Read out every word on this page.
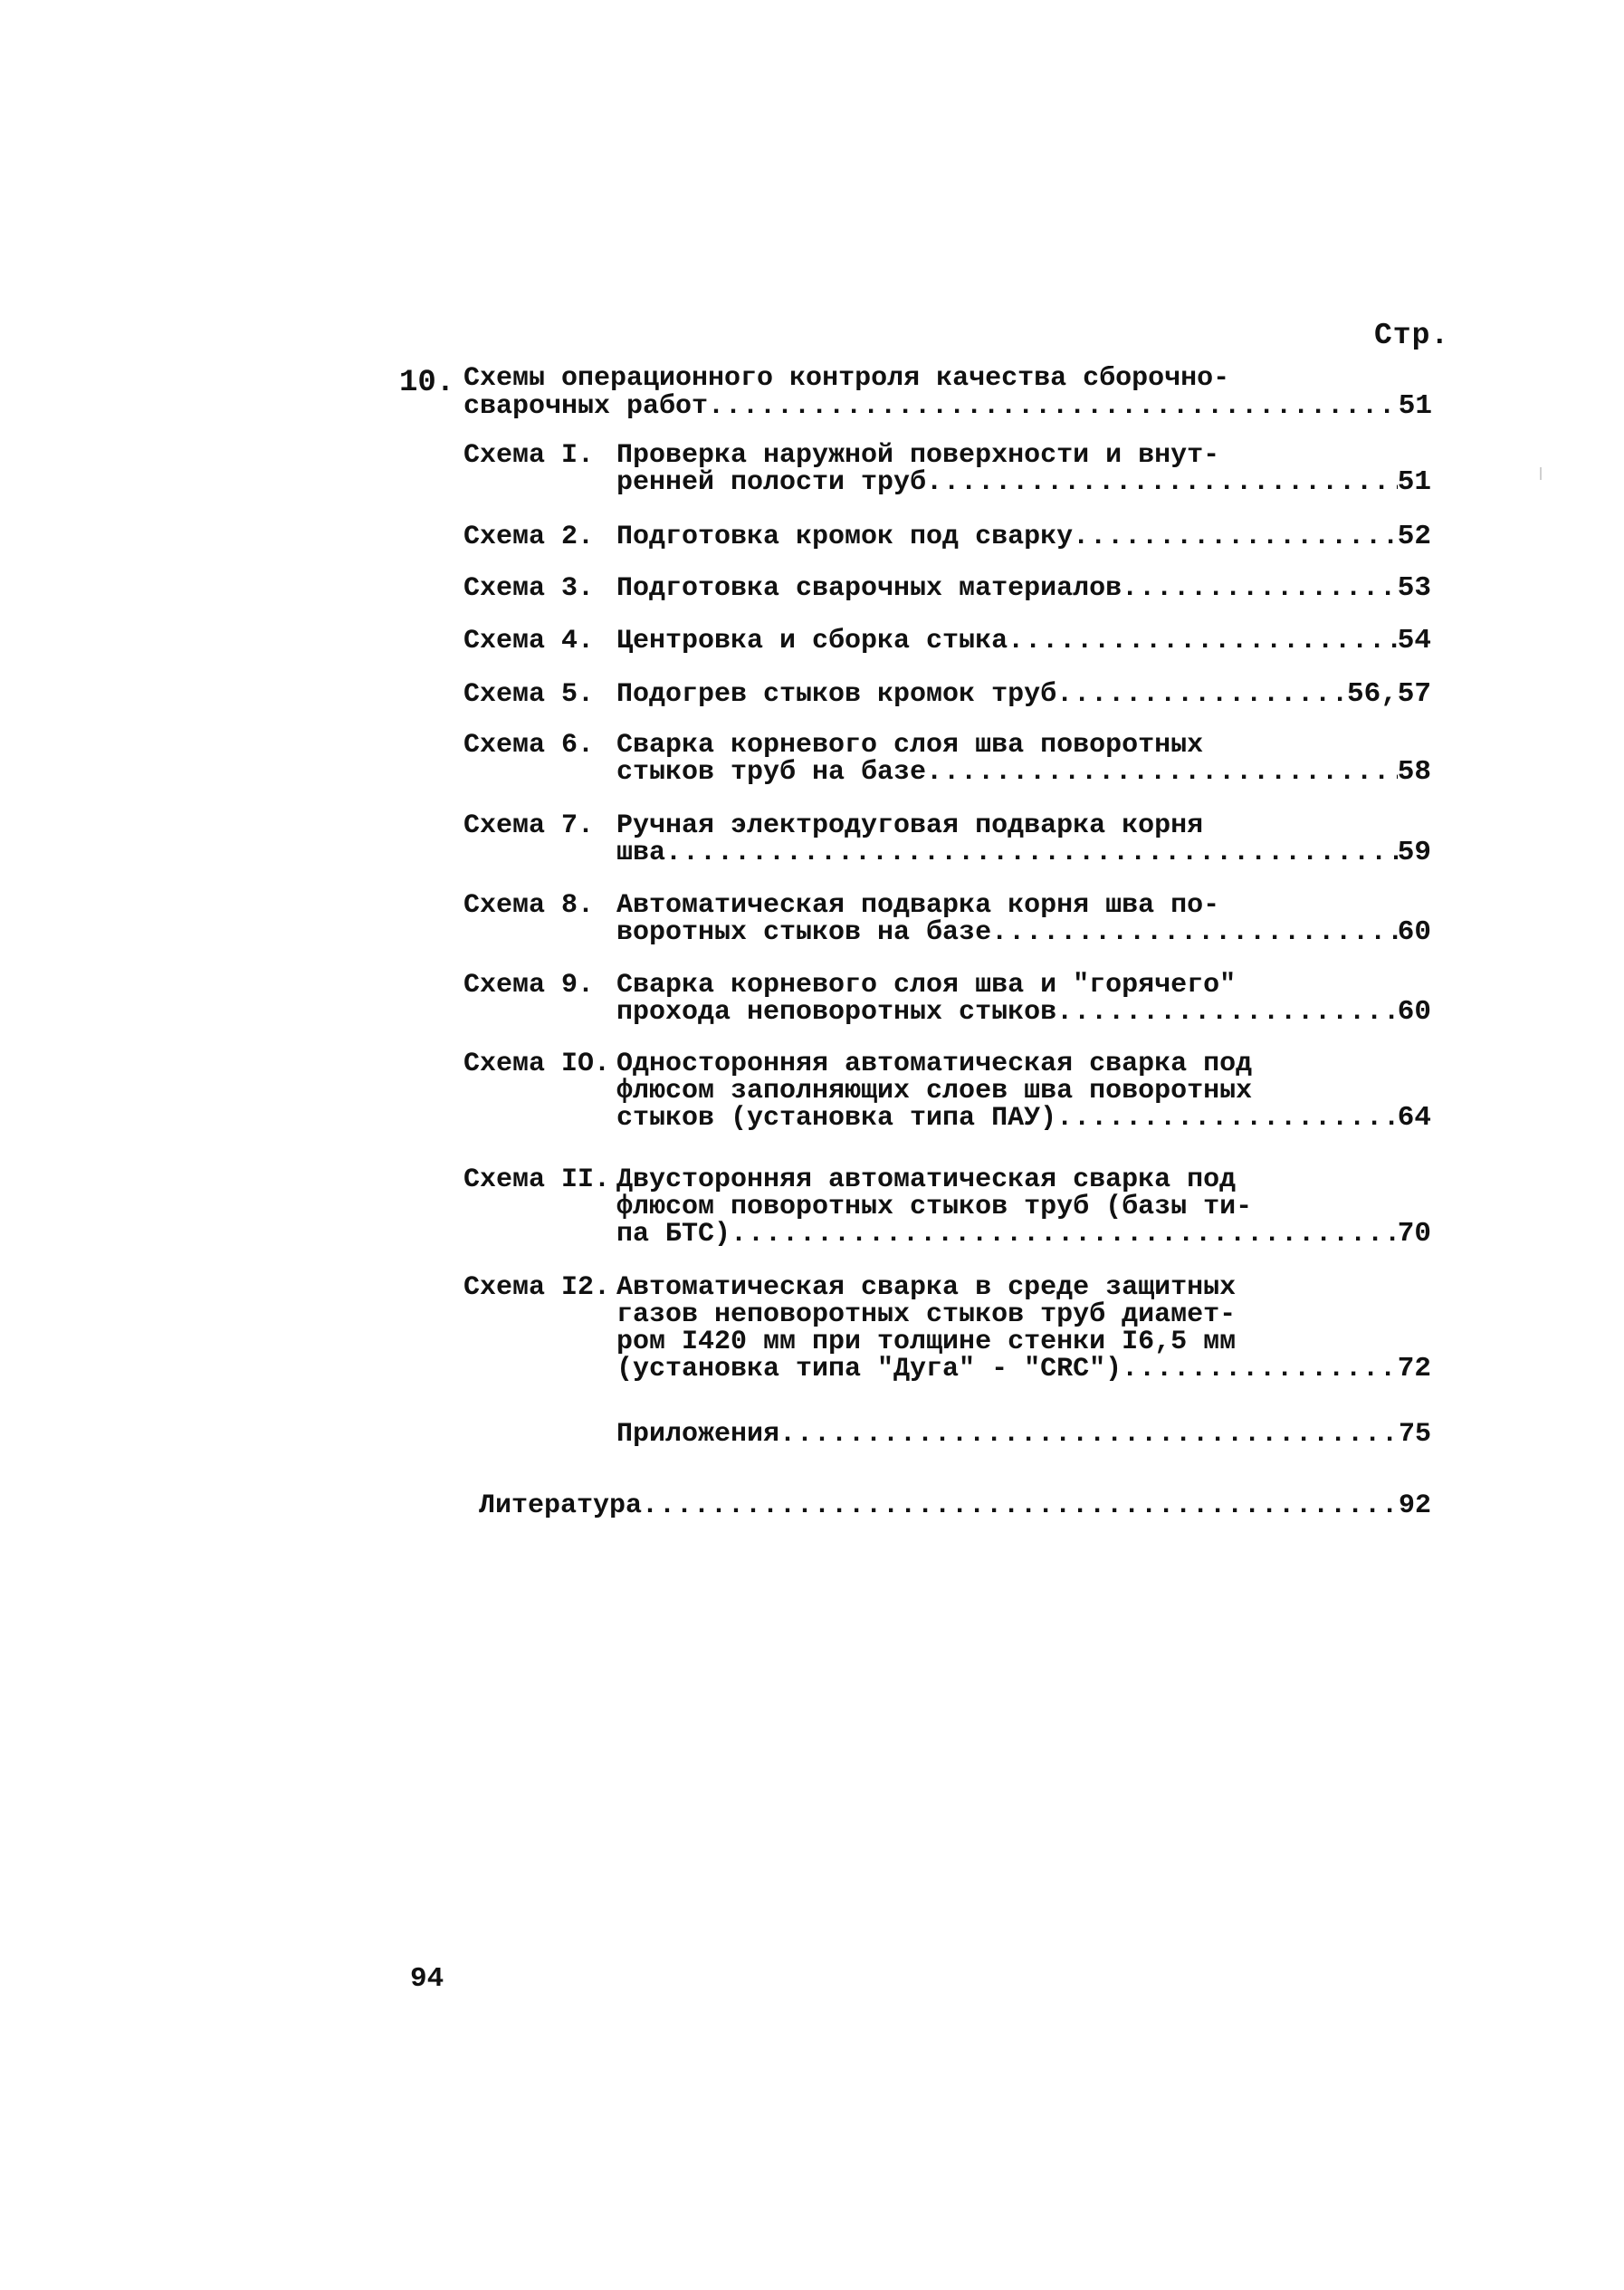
Стр.
10. Схемы операционного контроля качества сборочно-
сварочных работ .....	51
Схема I. Проверка наружной поверхности и внут-
ренней полости труб .....	51
Схема 2. Подготовка кромок под сварку .....	52
Схема 3. Подготовка сварочных материалов .....	53
Схема 4. Центровка и сборка стыка .....	54
Схема 5. Подогрев стыков кромок труб .....	56,57
Схема 6. Сварка корневого слоя шва поворотных
стыков труб на базе .....	58
Схема 7. Ручная электродуговая подварка корня
шва .....	59
Схема 8. Автоматическая подварка корня шва по-
воротных стыков на базе .....	60
Схема 9. Сварка корневого слоя шва и "горячего"
прохода неповоротных стыков .....	60
Схема IO. Односторонняя автоматическая сварка под
флюсом заполняющих слоев шва поворотных
стыков (установка типа ПАУ) .....	64
Схема II. Двусторонняя автоматическая сварка под
флюсом поворотных стыков труб (базы ти-
па БТС) .....	70
Схема I2. Автоматическая сварка в среде защитных
газов неповоротных стыков труб диамет-
ром I420 мм при толщине стенки I6,5 мм
(установка типа "Дуга" - "CRC") .....	72
Приложения .....	75
Литература .....	92
94
